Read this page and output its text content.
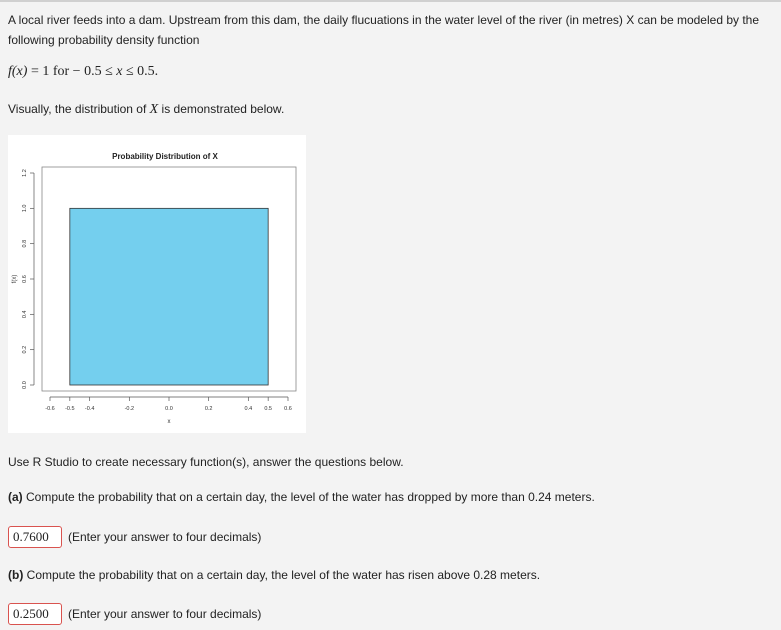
A local river feeds into a dam. Upstream from this dam, the daily flucuations in the water level of the river (in metres) X can be modeled by the following probability density function

f(x) = 1 for − 0.5 ≤ x ≤ 0.5.

Visually, the distribution of X is demonstrated below.

Probability Distribution of X
f(x)
x
-0.6 -0.5 -0.4	-0.2	0.0	0.2	0.4 0.5 0.6
0.0
0.2
0.4
0.6
0.8
1.0
1.2

Use R Studio to create necessary function(s), answer the questions below.

(a) Compute the probability that on a certain day, the level of the water has dropped by more than 0.24 meters.

0.7600	(Enter your answer to four decimals)

(b) Compute the probability that on a certain day, the level of the water has risen above 0.28 meters.

0.2500	(Enter your answer to four decimals)
